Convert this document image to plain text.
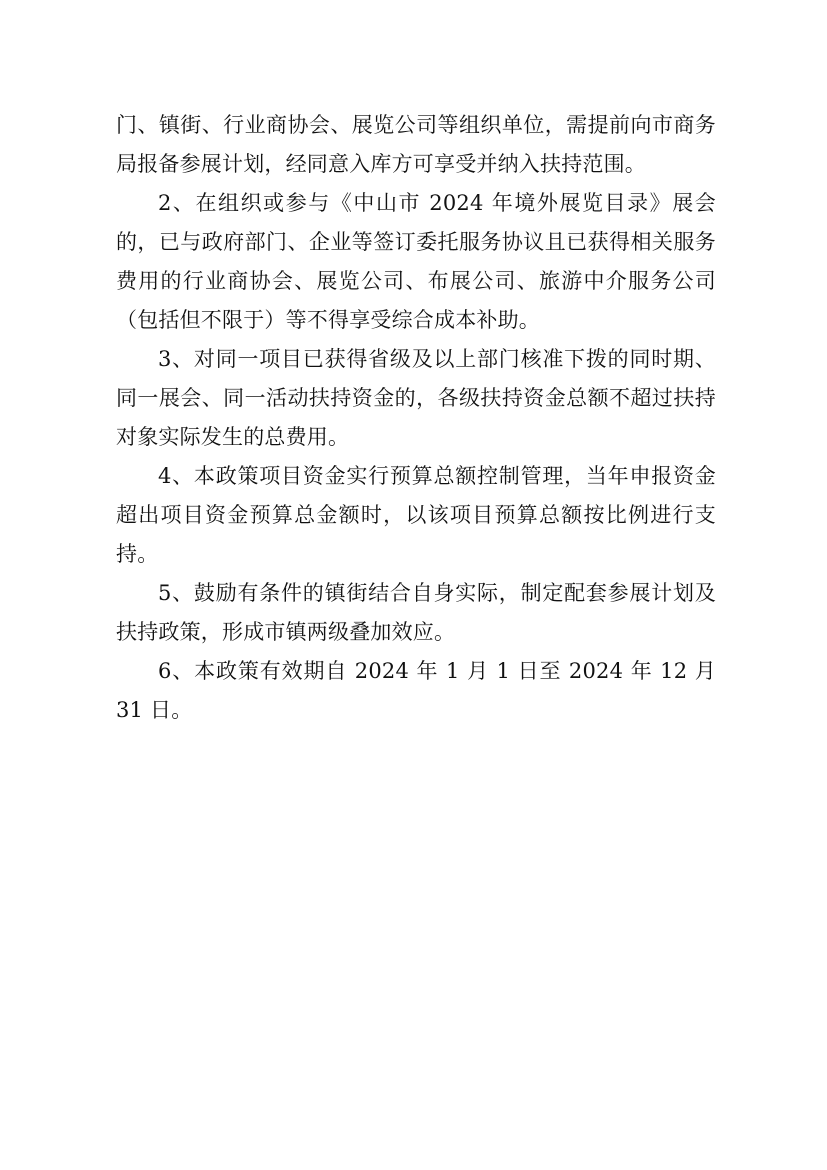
门、镇街、行业商协会、展览公司等组织单位，需提前向市商务局报备参展计划，经同意入库方可享受并纳入扶持范围。

2、在组织或参与《中山市 2024 年境外展览目录》展会的，已与政府部门、企业等签订委托服务协议且已获得相关服务费用的行业商协会、展览公司、布展公司、旅游中介服务公司（包括但不限于）等不得享受综合成本补助。

3、对同一项目已获得省级及以上部门核准下拨的同时期、同一展会、同一活动扶持资金的，各级扶持资金总额不超过扶持对象实际发生的总费用。

4、本政策项目资金实行预算总额控制管理，当年申报资金超出项目资金预算总金额时，以该项目预算总额按比例进行支持。

5、鼓励有条件的镇街结合自身实际，制定配套参展计划及扶持政策，形成市镇两级叠加效应。

6、本政策有效期自 2024 年 1 月 1 日至 2024 年 12 月 31 日。
